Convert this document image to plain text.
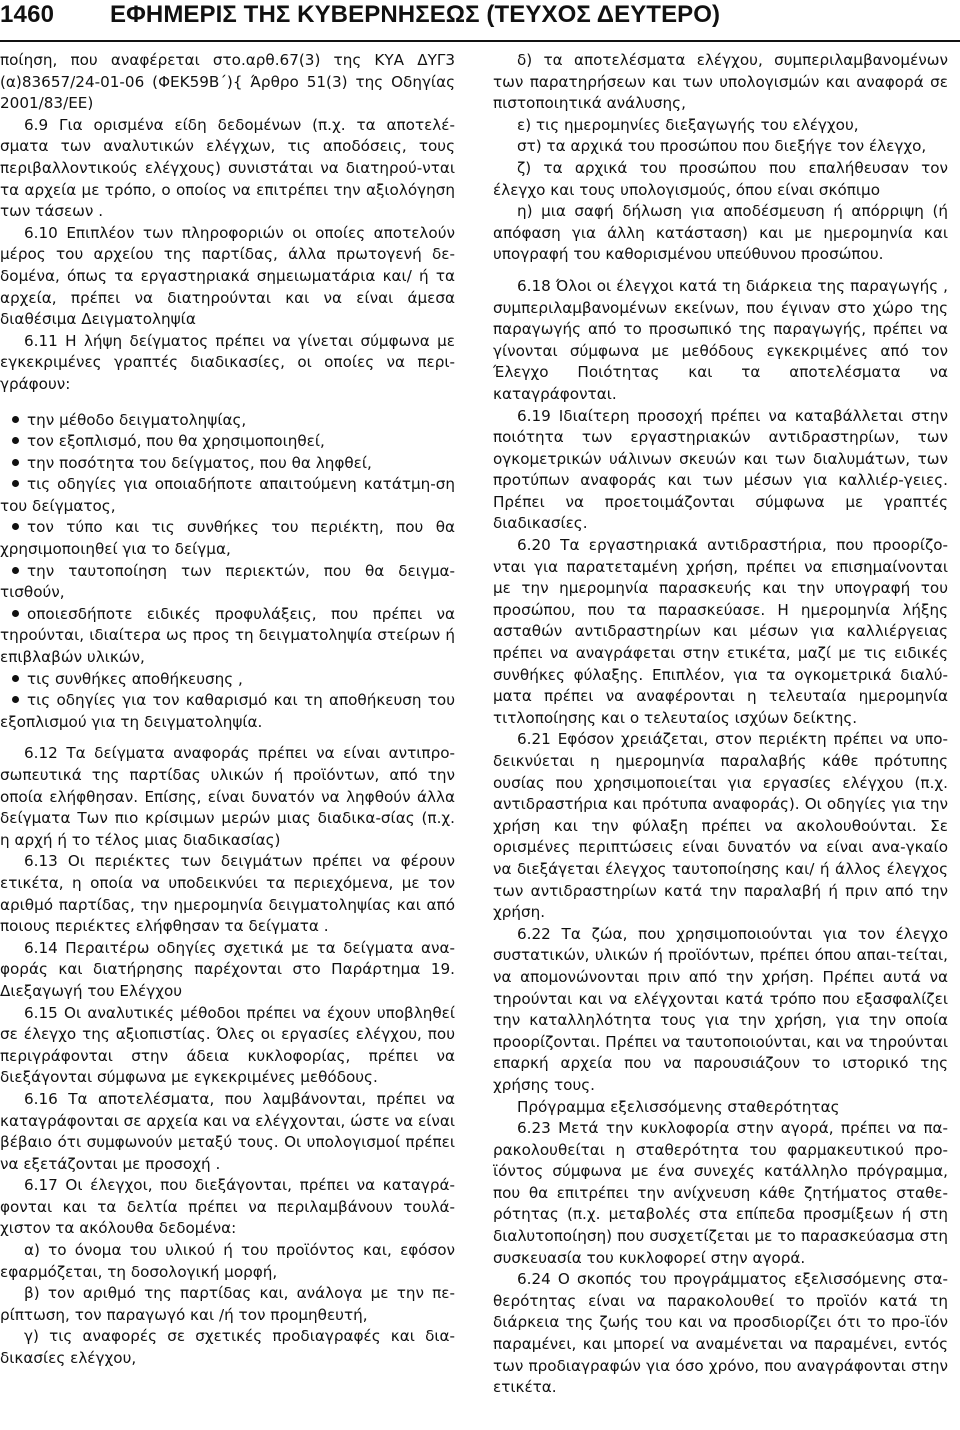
1460 ΕΦΗΜΕΡΙΣ ΤΗΣ ΚΥΒΕΡΝΗΣΕΩΣ (ΤΕΥΧΟΣ ΔΕΥΤΕΡΟ)

ποίηση, που αναφέρεται στο.αρθ.67(3) της ΚΥΑ ΔΥΓ3 (α)83657/24-01-06 (ΦΕΚ59Β΄){ Άρθρο 51(3) της Οδηγίας 2001/83/ΕΕ)

6.9 Για ορισμένα είδη δεδομένων (π.χ. τα αποτελέ-σματα των αναλυτικών ελέγχων, τις αποδόσεις, τους περιβαλλοντικούς ελέγχους) συνιστάται να διατηρού-νται τα αρχεία με τρόπο, ο οποίος να επιτρέπει την αξιολόγηση των τάσεων .

6.10 Επιπλέον των πληροφοριών οι οποίες αποτελούν μέρος του αρχείου της παρτίδας, άλλα πρωτογενή δε-δομένα, όπως τα εργαστηριακά σημειωματάρια και/ ή τα αρχεία, πρέπει να διατηρούνται και να είναι άμεσα διαθέσιμα Δειγματοληψία

6.11 Η λήψη δείγματος πρέπει να γίνεται σύμφωνα με εγκεκριμένες γραπτές διαδικασίες, οι οποίες να περι-γράφουν:

την μέθοδο δειγματοληψίας,
τον εξοπλισμό, που θα χρησιμοποιηθεί,
την ποσότητα του δείγματος, που θα ληφθεί,
τις οδηγίες για οποιαδήποτε απαιτούμενη κατάτμη-ση του δείγματος,
τον τύπο και τις συνθήκες του περιέκτη, που θα χρησιμοποιηθεί για το δείγμα,
την ταυτοποίηση των περιεκτών, που θα δειγμα-τισθούν,
οποιεσδήποτε ειδικές προφυλάξεις, που πρέπει να τηρούνται, ιδιαίτερα ως προς τη δειγματοληψία στείρων ή επιβλαβών υλικών,
τις συνθήκες αποθήκευσης ,
τις οδηγίες για τον καθαρισμό και τη αποθήκευση του εξοπλισμού για τη δειγματοληψία.

6.12 Τα δείγματα αναφοράς πρέπει να είναι αντιπρο-σωπευτικά της παρτίδας υλικών ή προϊόντων, από την οποία ελήφθησαν. Επίσης, είναι δυνατόν να ληφθούν άλλα δείγματα Των πιο κρίσιμων μερών μιας διαδικα-σίας (π.χ. η αρχή ή το τέλος μιας διαδικασίας)

6.13 Οι περιέκτες των δειγμάτων πρέπει να φέρουν ετικέτα, η οποία να υποδεικνύει τα περιεχόμενα, με τον αριθμό παρτίδας, την ημερομηνία δειγματοληψίας και από ποιους περιέκτες ελήφθησαν τα δείγματα .

6.14 Περαιτέρω οδηγίες σχετικά με τα δείγματα ανα-φοράς και διατήρησης παρέχονται στο Παράρτημα 19. Διεξαγωγή του Ελέγχου

6.15 Οι αναλυτικές μέθοδοι πρέπει να έχουν υποβληθεί σε έλεγχο της αξιοπιστίας. Όλες οι εργασίες ελέγχου, που περιγράφονται στην άδεια κυκλοφορίας, πρέπει να διεξάγονται σύμφωνα με εγκεκριμένες μεθόδους.

6.16 Τα αποτελέσματα, που λαμβάνονται, πρέπει να καταγράφονται σε αρχεία και να ελέγχονται, ώστε να είναι βέβαιο ότι συμφωνούν μεταξύ τους. Οι υπολογισμοί πρέπει να εξετάζονται με προσοχή .

6.17 Οι έλεγχοι, που διεξάγονται, πρέπει να καταγρά-φονται και τα δελτία πρέπει να περιλαμβάνουν τουλά-χιστον τα ακόλουθα δεδομένα:

α) το όνομα του υλικού ή του προϊόντος και, εφόσον εφαρμόζεται, τη δοσολογική μορφή,

β) τον αριθμό της παρτίδας και, ανάλογα με την πε-ρίπτωση, τον παραγωγό και /ή τον προμηθευτή,

γ) τις αναφορές σε σχετικές προδιαγραφές και δια-δικασίες ελέγχου,

δ) τα αποτελέσματα ελέγχου, συμπεριλαμβανομένων των παρατηρήσεων και των υπολογισμών και αναφορά σε πιστοποιητικά ανάλυσης,

ε) τις ημερομηνίες διεξαγωγής του ελέγχου,

στ) τα αρχικά του προσώπου που διεξήγε τον έλεγχο,

ζ) τα αρχικά του προσώπου που επαλήθευσαν τον έλεγχο και τους υπολογισμούς, όπου είναι σκόπιμο

η) μια σαφή δήλωση για αποδέσμευση ή απόρριψη (ή απόφαση για άλλη κατάσταση) και με ημερομηνία και υπογραφή του καθορισμένου υπεύθυνου προσώπου.

6.18 Όλοι οι έλεγχοι κατά τη διάρκεια της παραγωγής , συμπεριλαμβανομένων εκείνων, που έγιναν στο χώρο της παραγωγής από το προσωπικό της παραγωγής, πρέπει να γίνονται σύμφωνα με μεθόδους εγκεκριμένες από τον Έλεγχο Ποιότητας και τα αποτελέσματα να καταγράφονται.

6.19 Ιδιαίτερη προσοχή πρέπει να καταβάλλεται στην ποιότητα των εργαστηριακών αντιδραστηρίων, των ογκομετρικών υάλινων σκευών και των διαλυμάτων, των προτύπων αναφοράς και των μέσων για καλλιέρ-γειες. Πρέπει να προετοιμάζονται σύμφωνα με γραπτές διαδικασίες.

6.20 Τα εργαστηριακά αντιδραστήρια, που προορίζο-νται για παρατεταμένη χρήση, πρέπει να επισημαίνονται με την ημερομηνία παρασκευής και την υπογραφή του προσώπου, που τα παρασκεύασε. Η ημερομηνία λήξης ασταθών αντιδραστηρίων και μέσων για καλλιέργειας πρέπει να αναγράφεται στην ετικέτα, μαζί με τις ειδικές συνθήκες φύλαξης. Επιπλέον, για τα ογκομετρικά διαλύ-ματα πρέπει να αναφέρονται η τελευταία ημερομηνία τιτλοποίησης και ο τελευταίος ισχύων δείκτης.

6.21 Εφόσον χρειάζεται, στον περιέκτη πρέπει να υπο-δεικνύεται η ημερομηνία παραλαβής κάθε πρότυπης ουσίας που χρησιμοποιείται για εργασίες ελέγχου (π.χ. αντιδραστήρια και πρότυπα αναφοράς). Οι οδηγίες για την χρήση και την φύλαξη πρέπει να ακολουθούνται. Σε ορισμένες περιπτώσεις είναι δυνατόν να είναι ανα-γκαίο να διεξάγεται έλεγχος ταυτοποίησης και/ ή άλλος έλεγχος των αντιδραστηρίων κατά την παραλαβή ή πριν από την χρήση.

6.22 Τα ζώα, που χρησιμοποιούνται για τον έλεγχο συστατικών, υλικών ή προϊόντων, πρέπει όπου απαι-τείται, να απομονώνονται πριν από την χρήση. Πρέπει αυτά να τηρούνται και να ελέγχονται κατά τρόπο που εξασφαλίζει την καταλληλότητα τους για την χρήση, για την οποία προορίζονται. Πρέπει να ταυτοποιούνται, και να τηρούνται επαρκή αρχεία που να παρουσιάζουν το ιστορικό της χρήσης τους.

Πρόγραμμα εξελισσόμενης σταθερότητας

6.23 Μετά την κυκλοφορία στην αγορά, πρέπει να πα-ρακολουθείται η σταθερότητα του φαρμακευτικού προ-ϊόντος σύμφωνα με ένα συνεχές κατάλληλο πρόγραμμα, που θα επιτρέπει την ανίχνευση κάθε ζητήματος σταθε-ρότητας (π.χ. μεταβολές στα επίπεδα προσμίξεων ή στη διαλυτοποίηση) που συσχετίζεται με το παρασκεύασμα στη συσκευασία του κυκλοφορεί στην αγορά.

6.24 Ο σκοπός του προγράμματος εξελισσόμενης στα-θερότητας είναι να παρακολουθεί το προϊόν κατά τη διάρκεια της ζωής του και να προσδιορίζει ότι το προ-ϊόν παραμένει, και μπορεί να αναμένεται να παραμένει, εντός των προδιαγραφών για όσο χρόνο, που αναγράφονται στην ετικέτα.
